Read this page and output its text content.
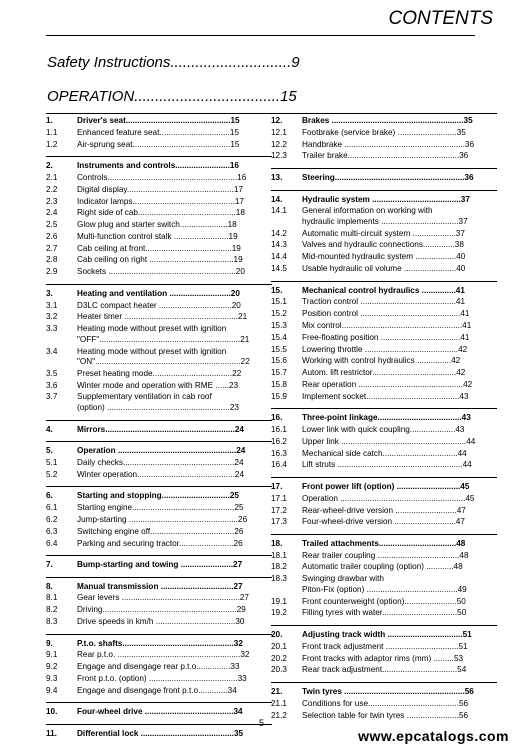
CONTENTS
Safety Instructions.............................9
OPERATION...................................15
1.	Driver's seat..............................................15
1.1	Enhanced feature seat...............................15
1.2	Air-sprung seat...........................................15
2.	Instruments and controls........................16
2.1	Controls.........................................................16
2.2	Digital display...............................................17
2.3	Indicator lamps.............................................17
2.4	Right side of cab...........................................18
2.5	Glow plug and starter switch.....................18
2.6	Multi-function control stalk ........................19
2.7	Cab ceiling at front......................................19
2.8	Cab ceiling on right .....................................19
2.9	Sockets ........................................................20
3.	Heating and ventilation ...........................20
3.1	D3LC compact heater ................................20
3.2	Heater timer ..................................................21
3.3	Heating mode without preset with ignition
"OFF"..............................................................21
3.4	Heating mode without preset with ignition
"ON"................................................................22
3.5	Preset heating mode...................................22
3.6	Winter mode and operation with RME ......23
3.7	Supplementary ventilation in cab roof
(option) ......................................................23
4.	Mirrors.........................................................24
5.	Operation ....................................................24
5.1	Daily checks.................................................24
5.2	Winter operation...........................................24
6.	Starting and stopping..............................25
6.1	Starting engine.............................................25
6.2	Jump-starting ................................................26
6.3	Switching engine off.....................................26
6.4	Parking and securing tractor........................26
7.	Bump-starting and towing .......................27
8.	Manual transmission ................................27
8.1	Gear levers ....................................................27
8.2	Driving...........................................................29
8.3	Drive speeds in km/h ...................................30
9.	P.t.o. shafts.................................................32
9.1	Rear p.t.o. ......................................................32
9.2	Engage and disengage rear p.t.o...............33
9.3	Front p.t.o. (option) .......................................33
9.4	Engage and disengage front p.t.o.............34
10.	Four-wheel drive .......................................34
11.	Differential lock .........................................35
12.	Brakes ..........................................................35
12.1	Footbrake (service brake) ..........................35
12.2	Handbrake .....................................................36
12.3	Trailer brake.................................................36
13.	Steering.........................................................36
14.	Hydraulic system .......................................37
14.1	General information on working with
hydraulic implements ..................................37
14.2	Automatic multi-circuit system ...................37
14.3	Valves and hydraulic connections..............38
14.4	Mid-mounted hydraulic system ..................40
14.5	Usable hydraulic oil volume .......................40
15.	Mechanical control hydraulics ...............41
15.1	Traction control ..........................................41
15.2	Position control ............................................41
15.3	Mix control.....................................................41
15.4	Free-floating position ...................................41
15.5	Lowering throttle .........................................42
15.6	Working with control hydraulics ...............42
15.7	Autom. lift restrictor.....................................42
15.8	Rear operation ..............................................42
15.9	Implement socket.........................................43
16.	Three-point linkage.....................................43
16.1	Lower link with quick coupling....................43
16.2	Upper link .......................................................44
16.3	Mechanical side catch.................................44
16.4	Lift struts .......................................................44
17.	Front power lift (option) ............................45
17.1	Operation .......................................................45
17.2	Rear-wheel-drive version ...........................47
17.3	Four-wheel-drive version ...........................47
18.	Trailed attachments..................................48
18.1	Rear trailer coupling ....................................48
18.2	Automatic trailer coupling (option) ............48
18.3	Swinging drawbar with
Piton-Fix (option) ........................................49
19.1	Front counterweight (option).......................50
19.2	Filling tyres with water.................................50
20.	Adjusting track width .................................51
20.1	Front track adjustment ................................51
20.2	Front tracks with adaptor rims (mm) .........53
20.3	Rear track adjustment.................................54
21.	Twin tyres .....................................................56
21.1	Conditions for use........................................56
21.2	Selection table for twin tyres .......................56
5
www.epcatalogs.com
